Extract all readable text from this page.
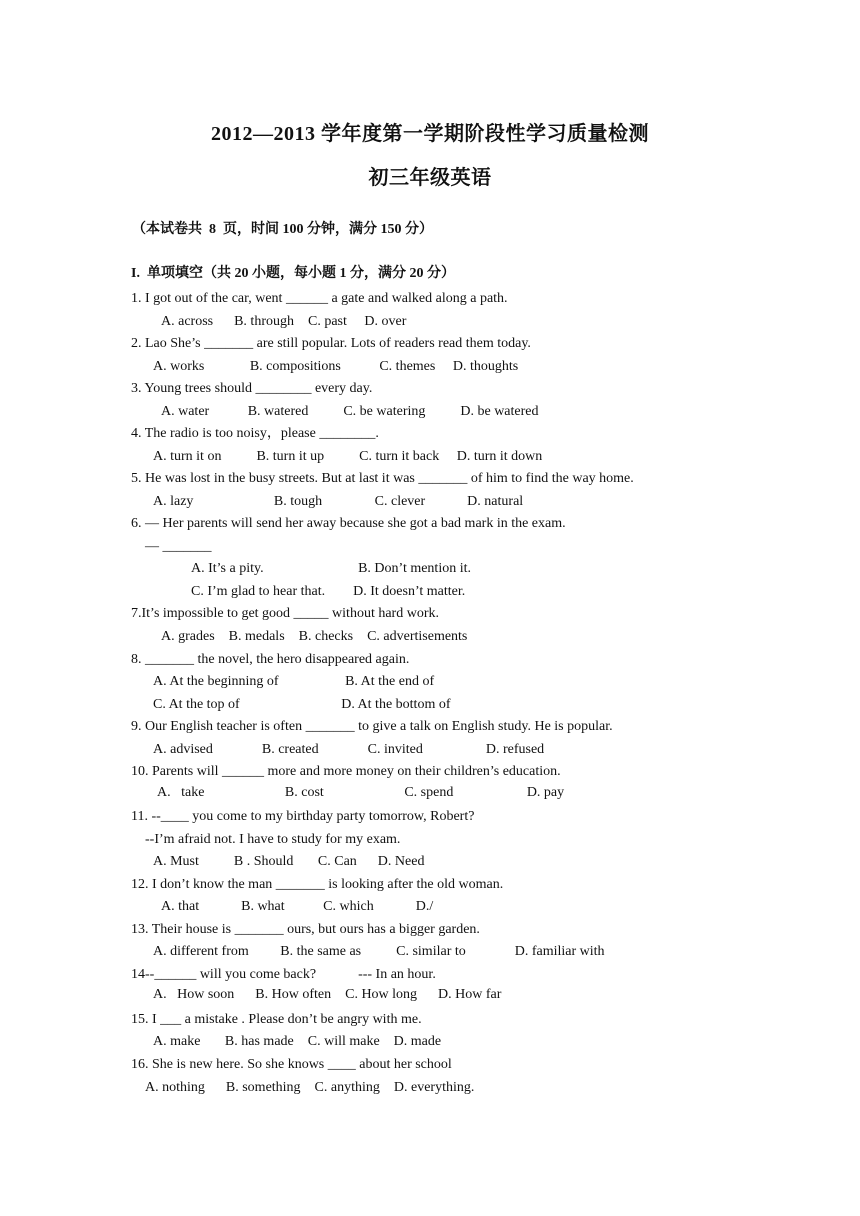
2012—2013 学年度第一学期阶段性学习质量检测
初三年级英语
（本试卷共  8  页，时间 100 分钟，满分 150 分）
I.  单项填空（共 20 小题，每小题 1 分，满分 20 分）
1. I got out of the car, went ______ a gate and walked along a path.
A. across      B. through    C. past     D. over
2. Lao She’s _______ are still popular. Lots of readers read them today.
A. works             B. compositions           C. themes     D. thoughts
3. Young trees should ________ every day.
A. water           B. watered          C. be watering          D. be watered
4. The radio is too noisy，please ________.
A. turn it on          B. turn it up          C. turn it back     D. turn it down
5. He was lost in the busy streets. But at last it was _______ of him to find the way home.
A. lazy                       B. tough               C. clever            D. natural
6. — Her parents will send her away because she got a bad mark in the exam.
— _______
A. It’s a pity.                           B. Don’t mention it.
C. I’m glad to hear that.        D. It doesn’t matter.
7.It’s impossible to get good _____ without hard work.
A. grades    B. medals    B. checks    C. advertisements
8. _______ the novel, the hero disappeared again.
A. At the beginning of                   B. At the end of
C. At the top of                             D. At the bottom of
9. Our English teacher is often _______ to give a talk on English study. He is popular.
A. advised              B. created              C. invited                  D. refused
10. Parents will ______ more and more money on their children’s education.
A.   take                       B. cost                       C. spend                     D. pay
11. --____ you come to my birthday party tomorrow, Robert?
--I’m afraid not. I have to study for my exam.
A. Must          B . Should       C. Can      D. Need
12. I don’t know the man _______ is looking after the old woman.
A. that            B. what           C. which            D./
13. Their house is _______ ours, but ours has a bigger garden.
A. different from         B. the same as          C. similar to              D. familiar with
14--______ will you come back?            --- In an hour.
A.   How soon      B. How often    C. How long      D. How far
15. I ___ a mistake . Please don’t be angry with me.
A. make       B. has made    C. will make    D. made
16. She is new here. So she knows ____ about her school
A. nothing      B. something    C. anything    D. everything.
